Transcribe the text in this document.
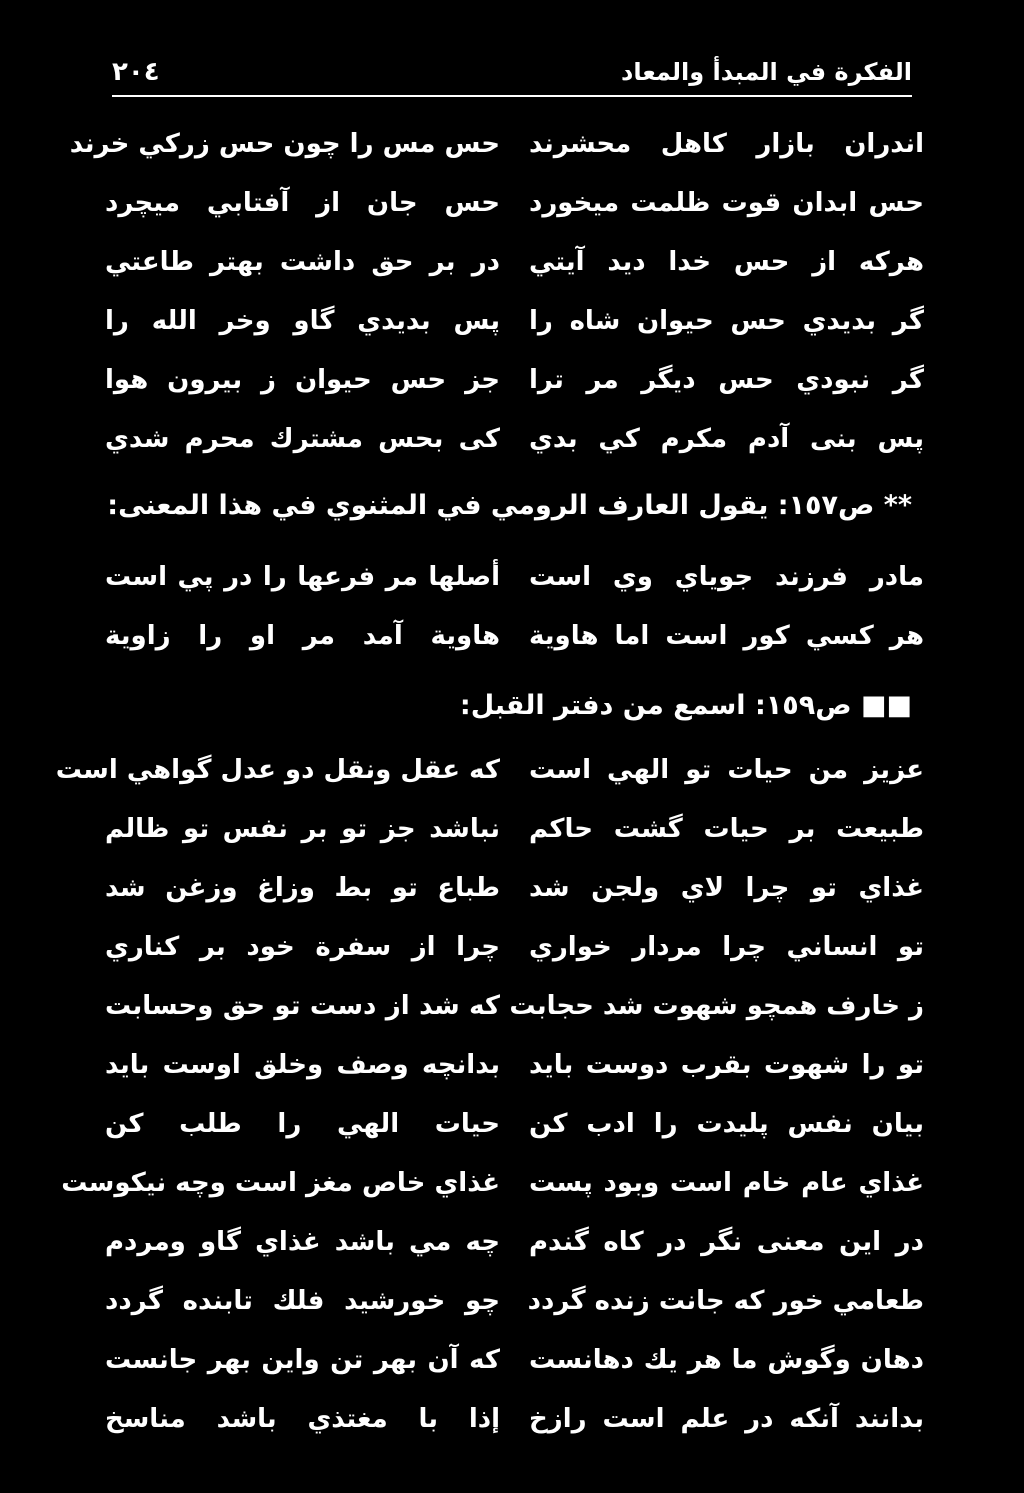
٢٠٤	الفكرة في المبدأ والمعاد
اندران بازار کاهل محشرند
حس مس را چون حس زرکي خرند
حس ابدان قوت ظلمت میخورد
حس جان از آفتابي میچرد
هرکه از حس خدا دید آیتي
در بر حق داشت بهتر طاعتي
گر بدیدي حس حیوان شاه را
پس بدیدي گاو وخر الله را
گر نبودي حس دیگر مر ترا
جز حس حیوان ز بیرون هوا
پس بنی آدم مکرم کي بدي
کی بحس مشترك محرم شدي
** ص١٥٧: يقول العارف الرومي في المثنوي في هذا المعنى:
مادر فرزند جویاي وي است
أصلها مر فرعها را در پي است
هر کسي کور است اما هاویة
هاویة آمد مر او را زاویة
■■ ص١٥٩: اسمع من دفتر القبل:
عزیز من حیات تو الهي است
که عقل ونقل دو عدل گواهي است
طبیعت بر حیات گشت حاکم
نباشد جز تو بر نفس تو ظالم
غذاي تو چرا لاي ولجن شد
طباع تو بط وزاغ وزغن شد
تو انساني چرا مردار خواري
چرا از سفرة خود بر کناري
ز خارف همچو شهوت شد حجابت
که شد از دست تو حق وحسابت
تو را شهوت بقرب دوست باید
بدانچه وصف وخلق اوست باید
بیان نفس پلیدت را ادب کن
حیات الهي را طلب کن
غذاي عام خام است وبود پست
غذاي خاص مغز است وچه نیکوست
در این معنی نگر در کاه گندم
چه مي باشد غذاي گاو ومردم
طعامي خور که جانت زنده گردد
چو خورشید فلك تابنده گردد
دهان وگوش ما هر یك دهانست
که آن بهر تن واین بهر جانست
بدانند آنکه در علم است رازخ
إذا با مغتذي باشد مناسخ
